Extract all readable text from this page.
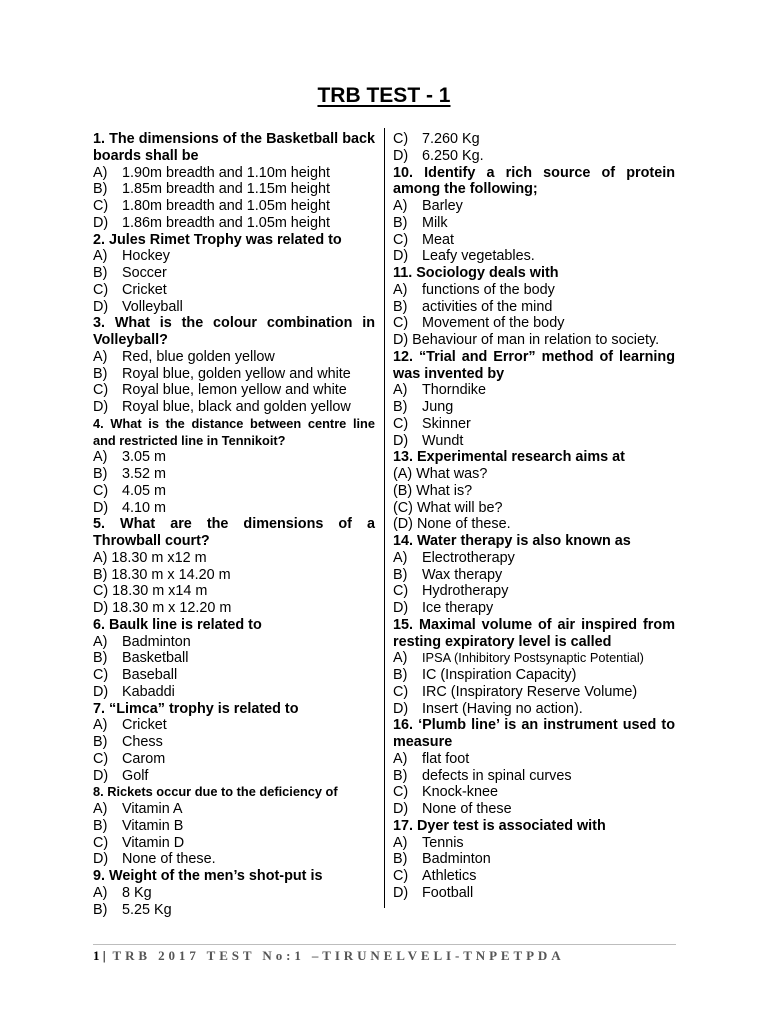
TRB TEST - 1
1. The dimensions of the Basketball back boards shall be
A)	1.90m breadth and 1.10m height
B)	1.85m breadth and 1.15m height
C) 1.80m breadth and 1.05m height
D) 1.86m breadth and 1.05m height
2. Jules Rimet Trophy was related to
A)	Hockey
B)	Soccer
C) Cricket
D) Volleyball
3. What is the colour combination in Volleyball?
A)	Red, blue golden yellow
B)	Royal blue, golden yellow and white
C) Royal blue, lemon yellow and white
D) Royal blue, black and golden yellow
4. What is the distance between centre line and restricted line in Tennikoit?
A)	3.05 m
B)	3.52 m
C) 4.05 m
D) 4.10 m
5. What are the dimensions of a Throwball court?
A) 18.30 m x12 m
B) 18.30 m x 14.20 m
C) 18.30 m x14 m
D) 18.30 m x 12.20 m
6. Baulk line is related to
A)	Badminton
B)	Basketball
C) Baseball
D) Kabaddi
7. “Limca” trophy is related to
A)	Cricket
B)	Chess
C) Carom
D) Golf
8. Rickets occur due to the deficiency of
A)	Vitamin A
B)	Vitamin B
C) Vitamin D
D) None of these.
9. Weight of the men’s shot-put is
A)	8 Kg
B)	5.25 Kg
C) 7.260 Kg
D) 6.250 Kg.
10. Identify a rich source of protein among the following;
A)	Barley
B)	Milk
C) Meat
D) Leafy vegetables.
11. Sociology deals with
A)	functions of the body
B)	activities of the mind
C) Movement of the body
D) Behaviour of man in relation to society.
12. “Trial and Error” method of learning was invented by
A)	Thorndike
B)	Jung
C) Skinner
D) Wundt
13. Experimental research aims at
(A) What was?
(B) What is?
(C) What will be?
(D) None of these.
14. Water therapy is also known as
A)	Electrotherapy
B)	Wax therapy
C) Hydrotherapy
D) Ice therapy
15. Maximal volume of air inspired from resting expiratory level is called
A)	IPSA (Inhibitory Postsynaptic Potential)
B)	IC (Inspiration Capacity)
C) IRC (Inspiratory Reserve Volume)
D) Insert (Having no action).
16. ‘Plumb line’ is an instrument used to measure
A)	flat foot
B)	defects in spinal curves
C) Knock-knee
D) None of these
17. Dyer test is associated with
A)	Tennis
B)	Badminton
C) Athletics
D) Football
1 | TRB 2017 TEST No:1 –TIRUNELVELI-TNPETPDA
